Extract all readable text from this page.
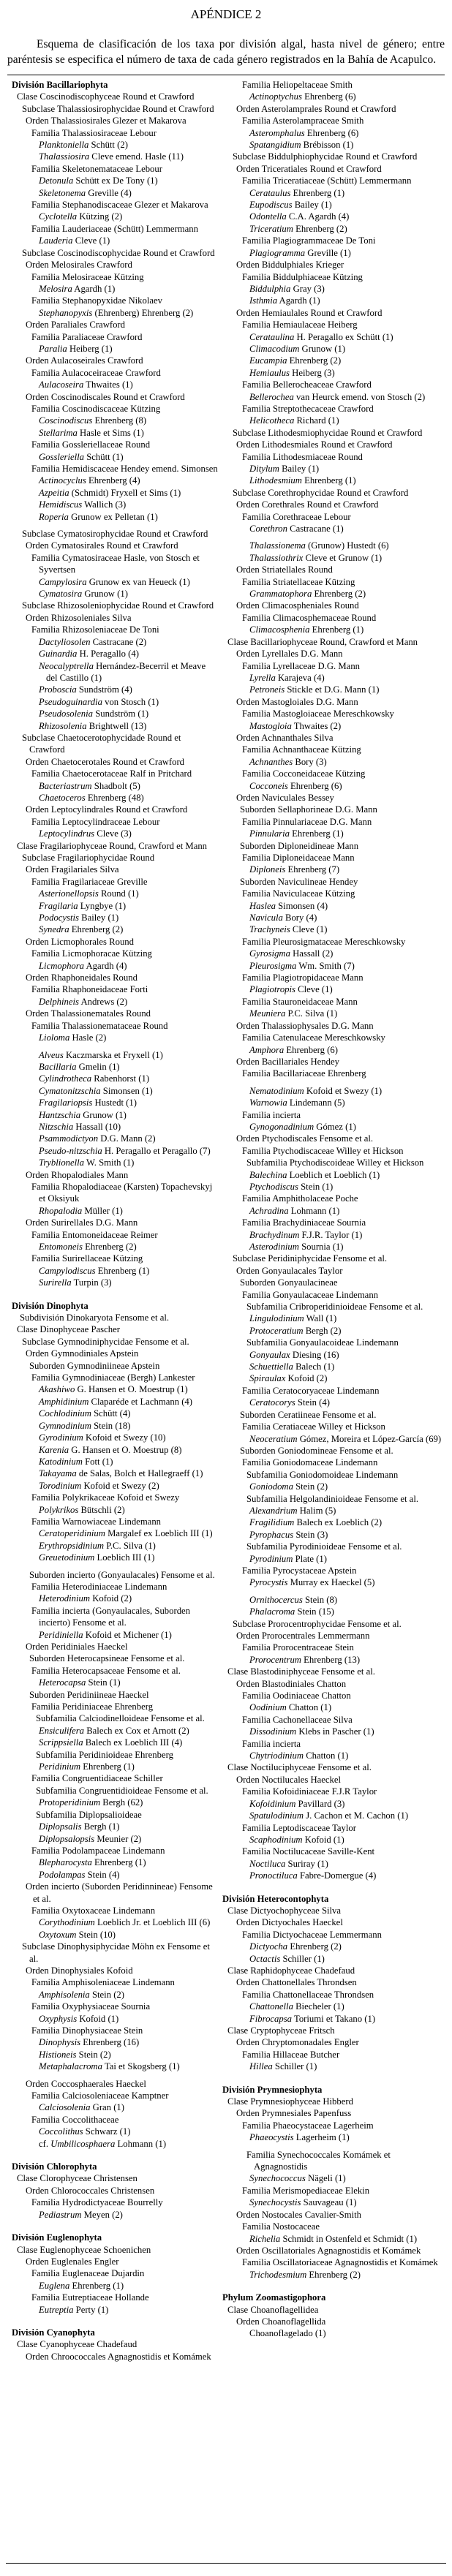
APÉNDICE 2

Esquema de clasificación de los taxa por división algal, hasta nivel de género; entre paréntesis se especifica el número de taxa de cada género registrados en la Bahía de Acapulco.

División Bacillariophyta
Clase Coscinodiscophyceae Round et Crawford
Subclase Thalassiosirophycidae Round et Crawford
Orden Thalassiosirales Glezer et Makarova
Familia Thalassiosiraceae Lebour
Planktoniella Schütt (2)
Thalassiosira Cleve emend. Hasle (11)
Familia Skeletonemataceae Lebour
Detonula Schütt ex De Tony (1)
Skeletonema Greville (4)
Familia Stephanodiscaceae Glezer et Makarova
Cyclotella Kützing (2)
Familia Lauderiaceae (Schütt) Lemmermann
Lauderia Cleve (1)
Subclase Coscinodiscophycidae Round et Crawford
Orden Melosirales Crawford
Familia Melosiraceae Kützing
Melosira Agardh (1)
Familia Stephanopyxidae Nikolaev
Stephanopyxis (Ehrenberg) Ehrenberg (2)
Orden Paraliales Crawford
Familia Paraliaceae Crawford
Paralia Heiberg (1)
Orden Aulacoseirales Crawford
Familia Aulacoceiraceae Crawford
Aulacoseira Thwaites (1)
Orden Coscinodiscales Round et Crawford
Familia Coscinodiscaceae Kützing
Coscinodiscus Ehrenberg (8)
Stellarima Hasle et Sims (1)
Familia Gossleriellaceae Round
Gossleriella Schütt (1)
Familia Hemidiscaceae Hendey emend. Simonsen
Actinocyclus Ehrenberg (4)
Azpeitia (Schmidt) Fryxell et Sims (1)
Hemidiscus Wallich (3)
Roperia Grunow ex Pelletan (1)
Subclase Cymatosirophycidae Round et Crawford
Orden Cymatosirales Round et Crawford
Familia Cymatosiraceae Hasle, von Stosch et Syvertsen
Campylosira Grunow ex van Heueck (1)
Cymatosira Grunow (1)
Subclase Rhizosoleniophycidae Round et Crawford
Orden Rhizosoleniales Silva
Familia Rhizosoleniaceae De Toni
Dactyliosolen Castracane (2)
Guinardia H. Peragallo (4)
Neocalyptrella Hernández-Becerril et Meave del Castillo (1)
Proboscia Sundström (4)
Pseudoguinardia von Stosch (1)
Pseudosolenia Sundström (1)
Rhizosolenia Brightwell (13)
Subclase Chaetocerotophycidade Round et Crawford
Orden Chaetocerotales Round et Crawford
Familia Chaetocerotaceae Ralf in Pritchard
Bacteriastrum Shadbolt (5)
Chaetoceros Ehrenberg (48)
Orden Leptocylindrales Round et Crawford
Familia Leptocylindraceae Lebour
Leptocylindrus Cleve (3)
Clase Fragilariophyceae Round, Crawford et Mann
Subclase Fragilariophycidae Round
Orden Fragilariales Silva
Familia Fragilariaceae Greville
Asterionellopsis Round (1)
Fragilaria Lyngbye (1)
Podocystis Bailey (1)
Synedra Ehrenberg (2)
Orden Licmophorales Round
Familia Licmophoracae Kützing
Licmophora Agardh (4)
Orden Rhaphoneidales Round
Familia Rhaphoneidaceae Forti
Delphineis Andrews (2)
Orden Thalassionematales Round
Familia Thalassionemataceae Round
Lioloma Hasle (2)
Alveus Kaczmarska et Fryxell (1)
Bacillaria Gmelin (1)
Cylindrotheca Rabenhorst (1)
Cymatonitzschia Simonsen (1)
Fragilariopsis Hustedt (1)
Hantzschia Grunow (1)
Nitzschia Hassall (10)
Psammodictyon D.G. Mann (2)
Pseudo-nitzschia H. Peragallo et Peragallo (7)
Tryblionella W. Smith (1)
Orden Rhopalodiales Mann
Familia Rhopalodiaceae (Karsten) Topachevskyj et Oksiyuk
Rhopalodia Müller (1)
Orden Surirellales D.G. Mann
Familia Entomoneidaceae Reimer
Entomoneis Ehrenberg (2)
Familia Surirellaceae Kützing
Campylodiscus Ehrenberg (1)
Surirella Turpin (3)
División Dinophyta
Subdivisión Dinokaryota Fensome et al.
Clase Dinophyceae Pascher
Subclase Gymnodiniphycidae Fensome et al.
Orden Gymnodiniales Apstein
Suborden Gymnodiniineae Apstein
Familia Gymnodiniaceae (Bergh) Lankester
Akashiwo G. Hansen et O. Moestrup (1)
Amphidinium Claparéde et Lachmann (4)
Cochlodinium Schütt (4)
Gymnodinium Stein (18)
Gyrodinium Kofoid et Swezy (10)
Karenia G. Hansen et O. Moestrup (8)
Katodinium Fott (1)
Takayama de Salas, Bolch et Hallegraeff (1)
Torodinium Kofoid et Swezy (2)
Familia Polykrikaceae Kofoid et Swezy
Polykrikos Bütschli (2)
Familia Warnowiaceae Lindemann
Ceratoperidinium Margalef ex Loeblich III (1)
Erythropsidinium P.C. Silva (1)
Greuetodinium Loeblich III (1)
Suborden incierto (Gonyaulacales) Fensome et al.
Familia Heterodiniaceae Lindemann
Heterodinium Kofoid (2)
Familia incierta (Gonyaulacales, Suborden incierto) Fensome et al.
Peridiniella Kofoid et Michener (1)
Orden Peridiniales Haeckel
Suborden Heterocapsineae Fensome et al.
Familia Heterocapsaceae Fensome et al.
Heterocapsa Stein (1)
Suborden Peridiniineae Haeckel
Familia Peridiniaceae Ehrenberg
Subfamilia Calciodinelloideae Fensome et al.
Ensiculifera Balech ex Cox et Arnott (2)
Scrippsiella Balech ex Loeblich III (4)
Subfamilia Peridinioideae Ehrenberg
Peridinium Ehrenberg (1)
Familia Congruentidiaceae Schiller
Subfamilia Congruentidioideae Fensome et al.
Protoperidinium Bergh (62)
Subfamilia Diplopsalioideae
Diplopsalis Bergh (1)
Diplopsalopsis Meunier (2)
Familia Podolampaceae Lindemann
Blepharocysta Ehrenberg (1)
Podolampas Stein (4)
Orden incierto (Suborden Peridinnineae) Fensome et al.
Familia Oxytoxaceae Lindemann
Corythodinium Loeblich Jr. et Loeblich III (6)
Oxytoxum Stein (10)
Subclase Dinophysiphycidae Möhn ex Fensome et al.
Orden Dinophysiales Kofoid
Familia Amphisoleniaceae Lindemann
Amphisolenia Stein (2)
Familia Oxyphysiaceae Sournia
Oxyphysis Kofoid (1)
Familia Dinophysiaceae Stein
Dinophysis Ehrenberg (16)
Histioneis Stein (2)
Metaphalacroma Tai et Skogsberg (1)
Orden Coccosphaerales Haeckel
Familia Calciosoleniaceae Kamptner
Calciosolenia Gran (1)
Familia Coccolithaceae
Coccolithus Schwarz (1)
cf. Umbilicosphaera Lohmann (1)
División Chlorophyta
Clase Clorophyceae Christensen
Orden Chlorococcales Christensen
Familia Hydrodictyaceae Bourrelly
Pediastrum Meyen (2)
División Euglenophyta
Clase Euglenophyceae Schoenichen
Orden Euglenales Engler
Familia Euglenaceae Dujardin
Euglena Ehrenberg (1)
Familia Eutreptiaceae Hollande
Eutreptia Perty (1)
División Cyanophyta
Clase Cyanophyceae Chadefaud
Orden Chroococcales Agnagnostidis et Komámek
Familia Heliopeltaceae Smith
Actinoptychus Ehrenberg (6)
Orden Asterolamprales Round et Crawford
Familia Asterolampraceae Smith
Asteromphalus Ehrenberg (6)
Spatangidium Brébisson (1)
Subclase Biddulphiophycidae Round et Crawford
Orden Triceratiales Round et Crawford
Familia Triceratiaceae (Schütt) Lemmermann
Cerataulus Ehrenberg (1)
Eupodiscus Bailey (1)
Odontella C.A. Agardh (4)
Triceratium Ehrenberg (2)
Familia Plagiogrammaceae De Toni
Plagiogramma Greville (1)
Orden Biddulphiales Krieger
Familia Biddulphiaceae Kützing
Biddulphia Gray (3)
Isthmia Agardh (1)
Orden Hemiaulales Round et Crawford
Familia Hemiaulaceae Heiberg
Cerataulina H. Peragallo ex Schütt (1)
Climacodium Grunow (1)
Eucampia Ehrenberg (2)
Hemiaulus Heiberg (3)
Familia Bellerocheaceae Crawford
Bellerochea van Heurck emend. von Stosch (2)
Familia Streptothecaceae Crawford
Helicotheca Richard (1)
Subclase Lithodesmiophycidae Round et Crawford
Orden Lithodesmiales Round et Crawford
Familia Lithodesmiaceae Round
Ditylum Bailey (1)
Lithodesmium Ehrenberg (1)
Subclase Corethrophycidae Round et Crawford
Orden Corethrales Round et Crawford
Familia Corethraceae Lebour
Corethron Castracane (1)
Thalassionema (Grunow) Hustedt (6)
Thalassiothrix Cleve et Grunow (1)
Orden Striatellales Round
Familia Striatellaceae Kützing
Grammatophora Ehrenberg (2)
Orden Climacospheniales Round
Familia Climacosphemaceae Round
Climacosphenia Ehrenberg (1)
Clase Bacillariophyceae Round, Crawford et Mann
Orden Lyrellales D.G. Mann
Familia Lyrellaceae D.G. Mann
Lyrella Karajeva (4)
Petroneis Stickle et D.G. Mann (1)
Orden Mastogloiales D.G. Mann
Familia Mastogloiaceae Mereschkowsky
Mastogloia Thwaites (2)
Orden Achnanthales Silva
Familia Achnanthaceae Kützing
Achnanthes Bory (3)
Familia Cocconeidaceae Kützing
Cocconeis Ehrenberg (6)
Orden Naviculales Bessey
Suborden Sellaphorineae D.G. Mann
Familia Pinnulariaceae D.G. Mann
Pinnularia Ehrenberg (1)
Suborden Diploneidineae Mann
Familia Diploneidaceae Mann
Diploneis Ehrenberg (7)
Suborden Naviculineae Hendey
Familia Naviculaceae Kützing
Haslea Simonsen (4)
Navicula Bory (4)
Trachyneis Cleve (1)
Familia Pleurosigmataceae Mereschkowsky
Gyrosigma Hassall (2)
Pleurosigma Wm. Smith (7)
Familia Plagiotropidaceae Mann
Plagiotropis Cleve (1)
Familia Stauroneidaceae Mann
Meuniera P.C. Silva (1)
Orden Thalassiophysales D.G. Mann
Familia Catenulaceae Mereschkowsky
Amphora Ehrenberg (6)
Orden Bacillariales Hendey
Familia Bacillariaceae Ehrenberg
Nematodinium Kofoid et Swezy (1)
Warnowia Lindemann (5)
Familia incierta
Gynogonadinium Gómez (1)
Orden Ptychodiscales Fensome et al.
Familia Ptychodiscaceae Willey et Hickson
Subfamilia Ptychodiscoideae Willey et Hickson
Balechina Loeblich et Loeblich (1)
Ptychodiscus Stein (1)
Familia Amphitholaceae Poche
Achradina Lohmann (1)
Familia Brachydiniaceae Sournia
Brachydinum F.J.R. Taylor (1)
Asterodinium Sournia (1)
Subclase Peridiniphycidae Fensome et al.
Orden Gonyaulacales Taylor
Suborden Gonyaulacineae
Familia Gonyaulacaceae Lindemann
Subfamilia Cribroperidinioideae Fensome et al.
Lingulodinium Wall (1)
Protoceratium Bergh (2)
Subfamilia Gonyaulacoideae Lindemann
Gonyaulax Diesing (16)
Schuettiella Balech (1)
Spiraulax Kofoid (2)
Familia Ceratocoryaceae Lindemann
Ceratocorys Stein (4)
Suborden Ceratiineae Fensome et al.
Familia Ceratiaceae Willey et Hickson
Neoceratium Gómez, Moreira et López-García (69)
Suborden Goniodomineae Fensome et al.
Familia Goniodomaceae Lindemann
Subfamilia Goniodomoideae Lindemann
Goniodoma Stein (2)
Subfamilia Helgolandinioideae Fensome et al.
Alexandrium Halim (5)
Fragilidium Balech ex Loeblich (2)
Pyrophacus Stein (3)
Subfamilia Pyrodinioideae Fensome et al.
Pyrodinium Plate (1)
Familia Pyrocystaceae Apstein
Pyrocystis Murray ex Haeckel (5)
Ornithocercus Stein (8)
Phalacroma Stein (15)
Subclase Prorocentrophycidae Fensome et al.
Orden Prorocentrales Lemmermann
Familia Prorocentraceae Stein
Prorocentrum Ehrenberg (13)
Clase Blastodiniphyceae Fensome et al.
Orden Blastodiniales Chatton
Familia Oodiniaceae Chatton
Oodinium Chatton (1)
Familia Cachonellaceae Silva
Dissodinium Klebs in Pascher (1)
Familia incierta
Chytriodinium Chatton (1)
Clase Noctiluciphyceae Fensome et al.
Orden Noctilucales Haeckel
Familia Kofoidiniaceae F.J.R Taylor
Kofoidinium Pavillard (3)
Spatulodinium J. Cachon et M. Cachon (1)
Familia Leptodiscaceae Taylor
Scaphodinium Kofoid (1)
Familia Noctilucaceae Saville-Kent
Noctiluca Suriray (1)
Pronoctiluca Fabre-Domergue (4)
División Heterocontophyta
Clase Dictyochophyceae Silva
Orden Dictyochales Haeckel
Familia Dictyochaceae Lemmermann
Dictyocha Ehrenberg (2)
Octactis Schiller (1)
Clase Raphidophyceae Chadefaud
Orden Chattonellales Throndsen
Familia Chattonellaceae Throndsen
Chattonella Biecheler (1)
Fibrocapsa Toriumi et Takano (1)
Clase Cryptophyceae Fritsch
Orden Chryptomonadales Engler
Familia Hillaceae Butcher
Hillea Schiller (1)
División Prymnesiophyta
Clase Prymnesiophyceae Hibberd
Orden Prymnesiales Papenfuss
Familia Phaeocystaceae Lagerheim
Phaeocystis Lagerheim (1)
Familia Synechococcales Komámek et Agnagnostidis
Synechococcus Nägeli (1)
Familia Merismopediaceae Elekin
Synechocystis Sauvageau (1)
Orden Nostocales Cavalier-Smith
Familia Nostocaceae
Richelia Schmidt in Ostenfeld et Schmidt (1)
Orden Oscillatoriales Agnagnostidis et Komámek
Familia Oscillatoriaceae Agnagnostidis et Komámek
Trichodesmium Ehrenberg (2)
Phylum Zoomastigophora
Clase Choanoflagellidea
Orden Choanoflagellida
Choanoflagelado (1)
